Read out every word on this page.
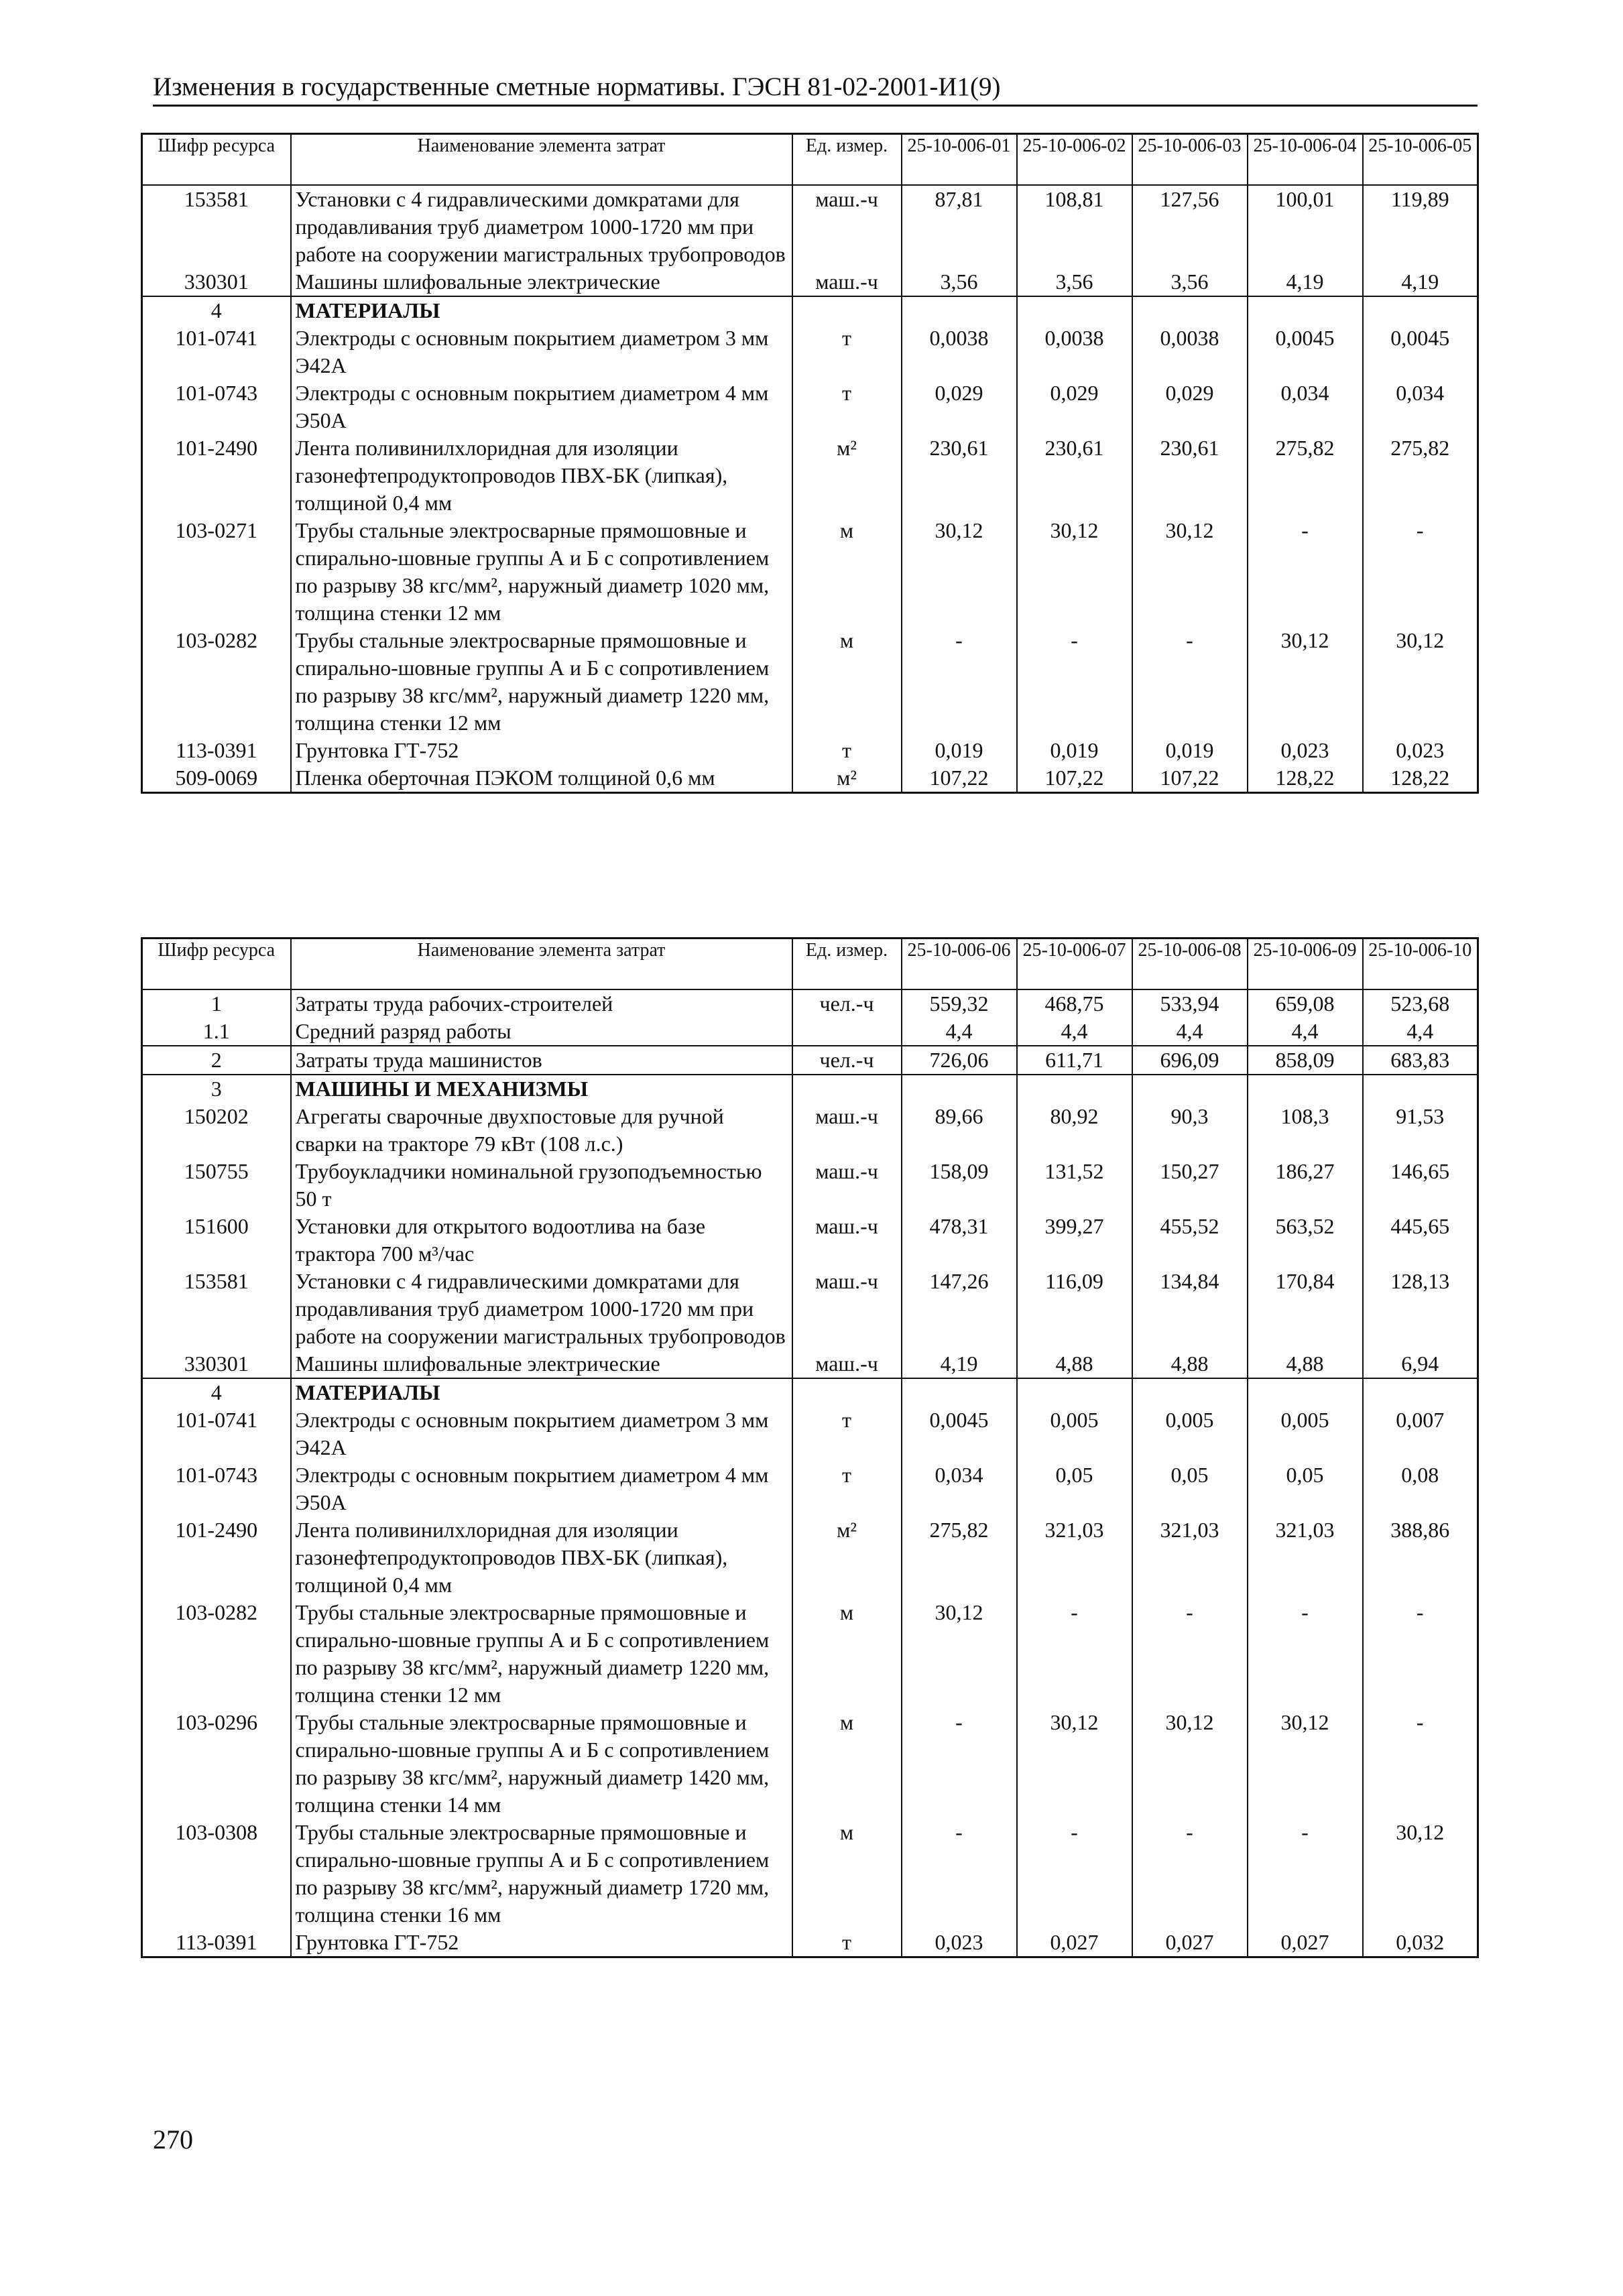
Изменения в государственные сметные нормативы. ГЭСН 81-02-2001-И1(9)
Шифр ресурса	Наименование элемента затрат	Ед. измер.	25-10-006-01	25-10-006-02	25-10-006-03	25-10-006-04	25-10-006-05
153581	Установки с 4 гидравлическими домкратами для продавливания труб диаметром 1000-1720 мм при работе на сооружении магистральных трубопроводов	маш.-ч	87,81	108,81	127,56	100,01	119,89
330301	Машины шлифовальные электрические	маш.-ч	3,56	3,56	3,56	4,19	4,19
4	МАТЕРИАЛЫ						
101-0741	Электроды с основным покрытием диаметром 3 мм Э42А	т	0,0038	0,0038	0,0038	0,0045	0,0045
101-0743	Электроды с основным покрытием диаметром 4 мм Э50А	т	0,029	0,029	0,029	0,034	0,034
101-2490	Лента поливинилхлоридная для изоляции газонефтепродуктопроводов ПВХ-БК (липкая), толщиной 0,4 мм	м²	230,61	230,61	230,61	275,82	275,82
103-0271	Трубы стальные электросварные прямошовные и спирально-шовные группы А и Б с сопротивлением по разрыву 38 кгс/мм², наружный диаметр 1020 мм, толщина стенки 12 мм	м	30,12	30,12	30,12	-	-
103-0282	Трубы стальные электросварные прямошовные и спирально-шовные группы А и Б с сопротивлением по разрыву 38 кгс/мм², наружный диаметр 1220 мм, толщина стенки 12 мм	м	-	-	-	30,12	30,12
113-0391	Грунтовка ГТ-752	т	0,019	0,019	0,019	0,023	0,023
509-0069	Пленка оберточная ПЭКОМ толщиной 0,6 мм	м²	107,22	107,22	107,22	128,22	128,22
Шифр ресурса	Наименование элемента затрат	Ед. измер.	25-10-006-06	25-10-006-07	25-10-006-08	25-10-006-09	25-10-006-10
1	Затраты труда рабочих-строителей	чел.-ч	559,32	468,75	533,94	659,08	523,68
1.1	Средний разряд работы		4,4	4,4	4,4	4,4	4,4
2	Затраты труда машинистов	чел.-ч	726,06	611,71	696,09	858,09	683,83
3	МАШИНЫ И МЕХАНИЗМЫ						
150202	Агрегаты сварочные двухпостовые для ручной сварки на тракторе 79 кВт (108 л.с.)	маш.-ч	89,66	80,92	90,3	108,3	91,53
150755	Трубоукладчики номинальной грузоподъемностью 50 т	маш.-ч	158,09	131,52	150,27	186,27	146,65
151600	Установки для открытого водоотлива на базе трактора 700 м³/час	маш.-ч	478,31	399,27	455,52	563,52	445,65
153581	Установки с 4 гидравлическими домкратами для продавливания труб диаметром 1000-1720 мм при работе на сооружении магистральных трубопроводов	маш.-ч	147,26	116,09	134,84	170,84	128,13
330301	Машины шлифовальные электрические	маш.-ч	4,19	4,88	4,88	4,88	6,94
4	МАТЕРИАЛЫ						
101-0741	Электроды с основным покрытием диаметром 3 мм Э42А	т	0,0045	0,005	0,005	0,005	0,007
101-0743	Электроды с основным покрытием диаметром 4 мм Э50А	т	0,034	0,05	0,05	0,05	0,08
101-2490	Лента поливинилхлоридная для изоляции газонефтепродуктопроводов ПВХ-БК (липкая), толщиной 0,4 мм	м²	275,82	321,03	321,03	321,03	388,86
103-0282	Трубы стальные электросварные прямошовные и спирально-шовные группы А и Б с сопротивлением по разрыву 38 кгс/мм², наружный диаметр 1220 мм, толщина стенки 12 мм	м	30,12	-	-	-	-
103-0296	Трубы стальные электросварные прямошовные и спирально-шовные группы А и Б с сопротивлением по разрыву 38 кгс/мм², наружный диаметр 1420 мм, толщина стенки 14 мм	м	-	30,12	30,12	30,12	-
103-0308	Трубы стальные электросварные прямошовные и спирально-шовные группы А и Б с сопротивлением по разрыву 38 кгс/мм², наружный диаметр 1720 мм, толщина стенки 16 мм	м	-	-	-	-	30,12
113-0391	Грунтовка ГТ-752	т	0,023	0,027	0,027	0,027	0,032
270
